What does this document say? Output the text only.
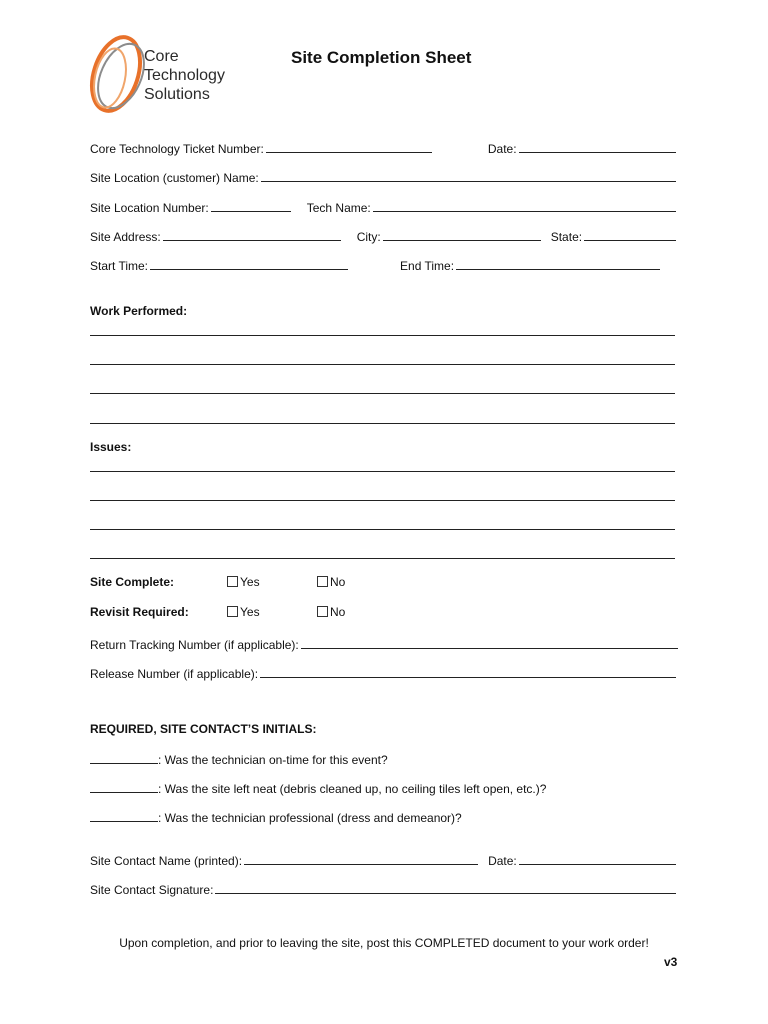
Core
Technology
Solutions
Site Completion Sheet
Core Technology Ticket Number:	Date:
Site Location (customer) Name:
Site Location Number:	Tech Name:
Site Address:	City:	State:
Start Time:	End Time:
Work Performed:
Issues:
Site Complete:	Yes	No
Revisit Required:	Yes	No
Return Tracking Number (if applicable):
Release Number (if applicable):
REQUIRED, SITE CONTACT’S INITIALS:
: Was the technician on-time for this event?
: Was the site left neat (debris cleaned up, no ceiling tiles left open, etc.)?
: Was the technician professional (dress and demeanor)?
Site Contact Name (printed):	Date:
Site Contact Signature:
Upon completion, and prior to leaving the site, post this COMPLETED document to your work order!
v3
